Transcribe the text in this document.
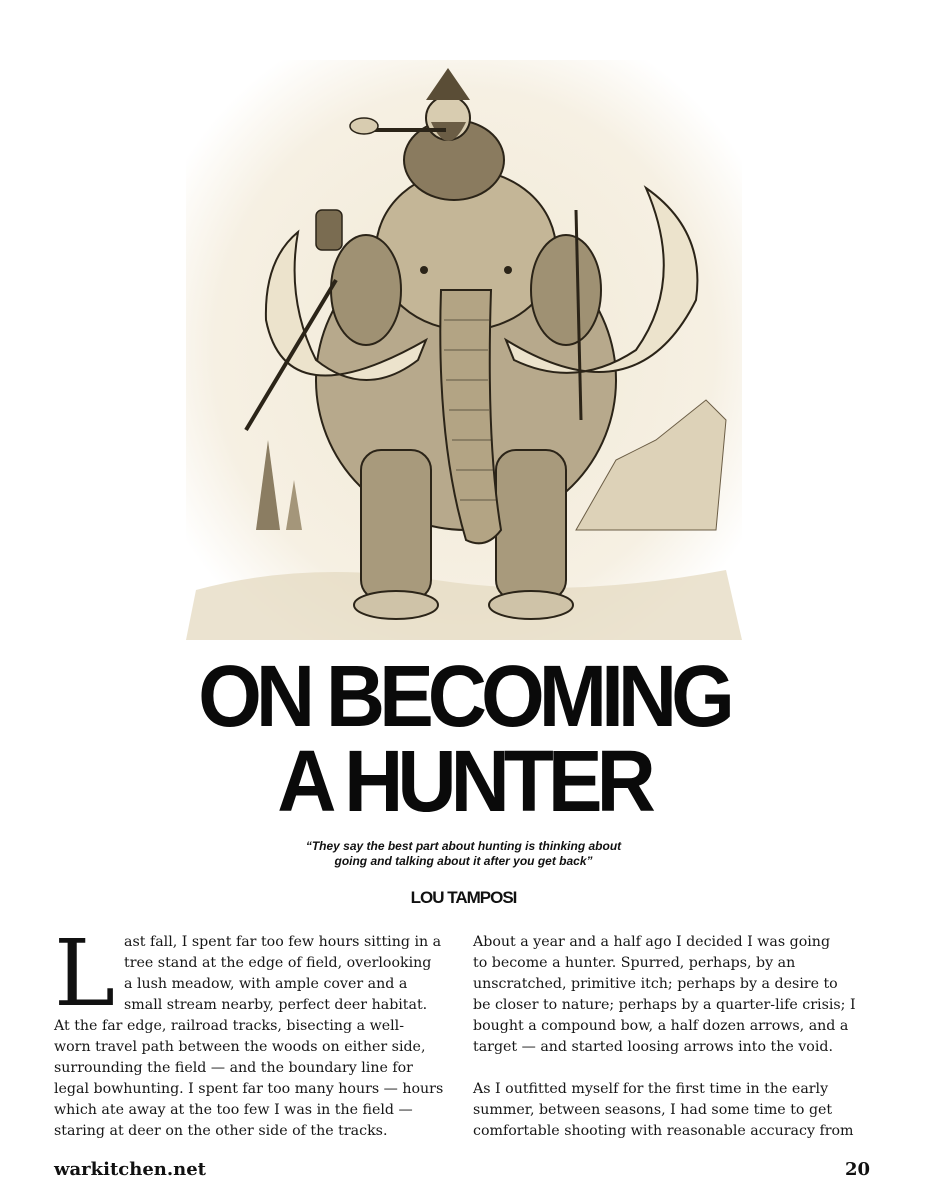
ON BECOMING
A HUNTER

“They say the best part about hunting is thinking about
going and talking about it after you get back”

LOU TAMPOSI

L ast fall, I spent far too few hours sitting in a
tree stand at the edge of field, overlooking
a lush meadow, with ample cover and a
small stream nearby, perfect deer habitat.
At the far edge, railroad tracks, bisecting a well-
worn travel path between the woods on either side,
surrounding the field — and the boundary line for
legal bowhunting. I spent far too many hours — hours
which ate away at the too few I was in the field —
staring at deer on the other side of the tracks.
About a year and a half ago I decided I was going
to become a hunter. Spurred, perhaps, by an
unscratched, primitive itch; perhaps by a desire to
be closer to nature; perhaps by a quarter-life crisis; I
bought a compound bow, a half dozen arrows, and a
target — and started loosing arrows into the void.
As I outfitted myself for the first time in the early
summer, between seasons, I had some time to get
comfortable shooting with reasonable accuracy from
warkitchen.net	20
